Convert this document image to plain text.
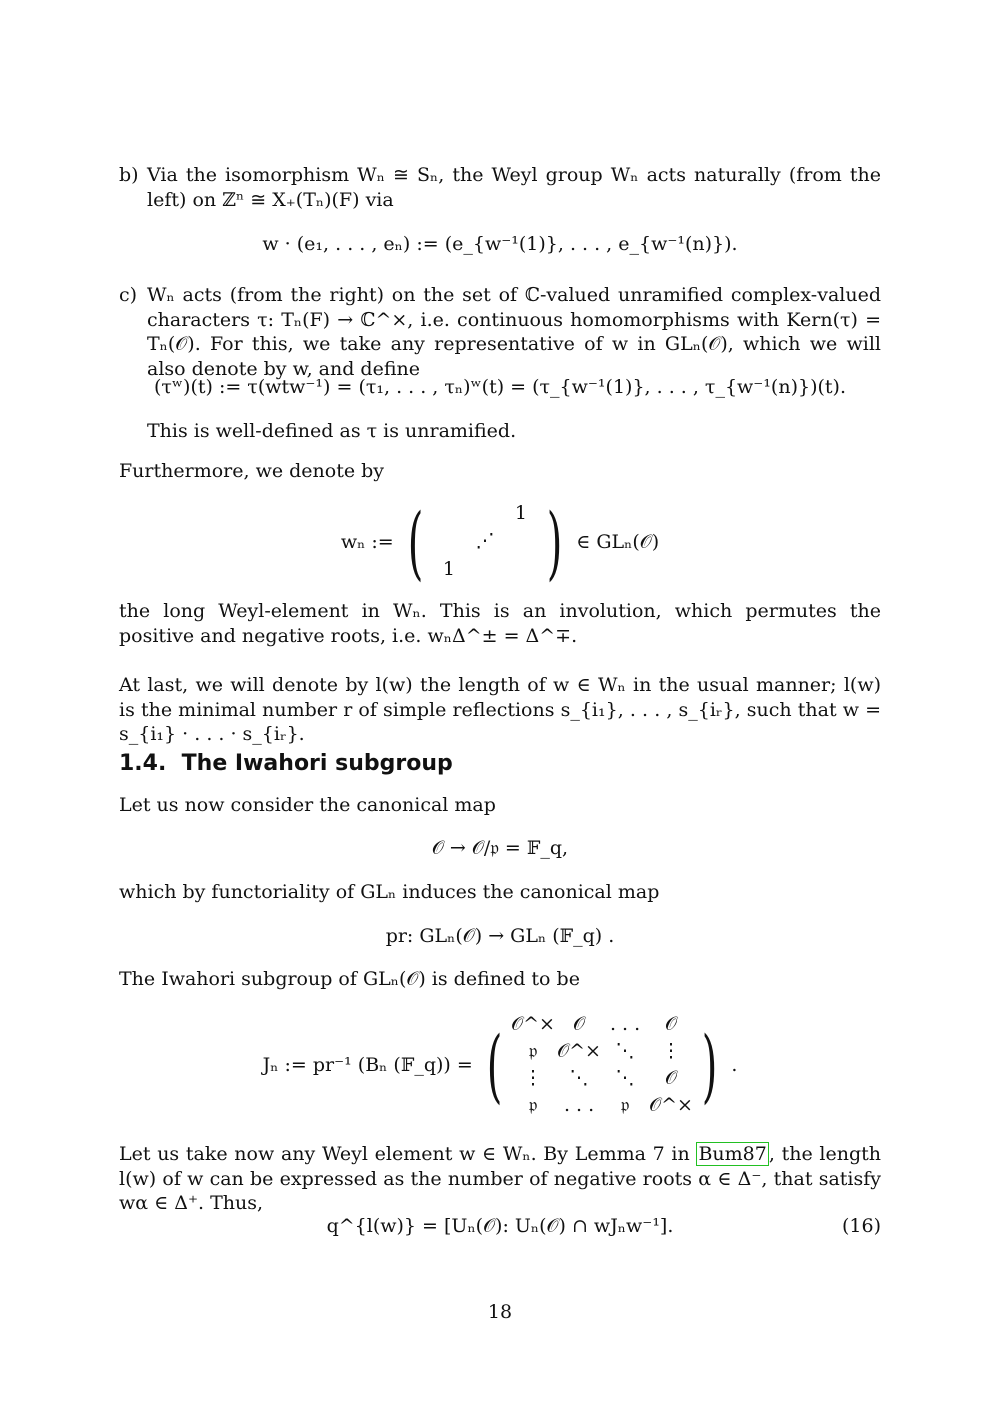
b) Via the isomorphism Wₙ ≅ Sₙ, the Weyl group Wₙ acts naturally (from the left) on ℤⁿ ≅ X₊(Tₙ)(F) via
w · (e₁, . . . , eₙ) := (e_{w⁻¹(1)}, . . . , e_{w⁻¹(n)}).
c) Wₙ acts (from the right) on the set of ℂ-valued unramified complex-valued characters τ: Tₙ(F) → ℂ^×, i.e. continuous homomorphisms with Kern(τ) = Tₙ(𝒪). For this, we take any representative of w in GLₙ(𝒪), which we will also denote by w, and define
(τʷ)(t) := τ(wtw⁻¹) = (τ₁, . . . , τₙ)ʷ(t) = (τ_{w⁻¹(1)}, . . . , τ_{w⁻¹(n)})(t).
This is well-defined as τ is unramified.
Furthermore, we denote by
wₙ := (	1
⋰
1 ) ∈ GLₙ(𝒪)
the long Weyl-element in Wₙ. This is an involution, which permutes the positive and negative roots, i.e. wₙΔ^± = Δ^∓.
At last, we will denote by l(w) the length of w ∈ Wₙ in the usual manner; l(w) is the minimal number r of simple reflections s_{i₁}, . . . , s_{iᵣ}, such that w = s_{i₁} · . . . · s_{iᵣ}.
1.4. The Iwahori subgroup
Let us now consider the canonical map
𝒪 → 𝒪/𝔭 = 𝔽_q,
which by functoriality of GLₙ induces the canonical map
pr: GLₙ(𝒪) → GLₙ (𝔽_q) .
The Iwahori subgroup of GLₙ(𝒪) is defined to be
Jₙ := pr⁻¹ (Bₙ (𝔽_q)) = ( 𝒪^× 𝒪	. . .	𝒪
𝔭	𝒪^× ⋱	⋮
⋮	⋱	⋱	𝒪
𝔭	. . .	𝔭	𝒪^× ) .
Let us take now any Weyl element w ∈ Wₙ. By Lemma 7 in Bum87 , the length l(w) of w can be expressed as the number of negative roots α ∈ Δ⁻, that satisfy wα ∈ Δ⁺. Thus,
q^{l(w)} = [Uₙ(𝒪): Uₙ(𝒪) ∩ wJₙw⁻¹].	(16)
18
